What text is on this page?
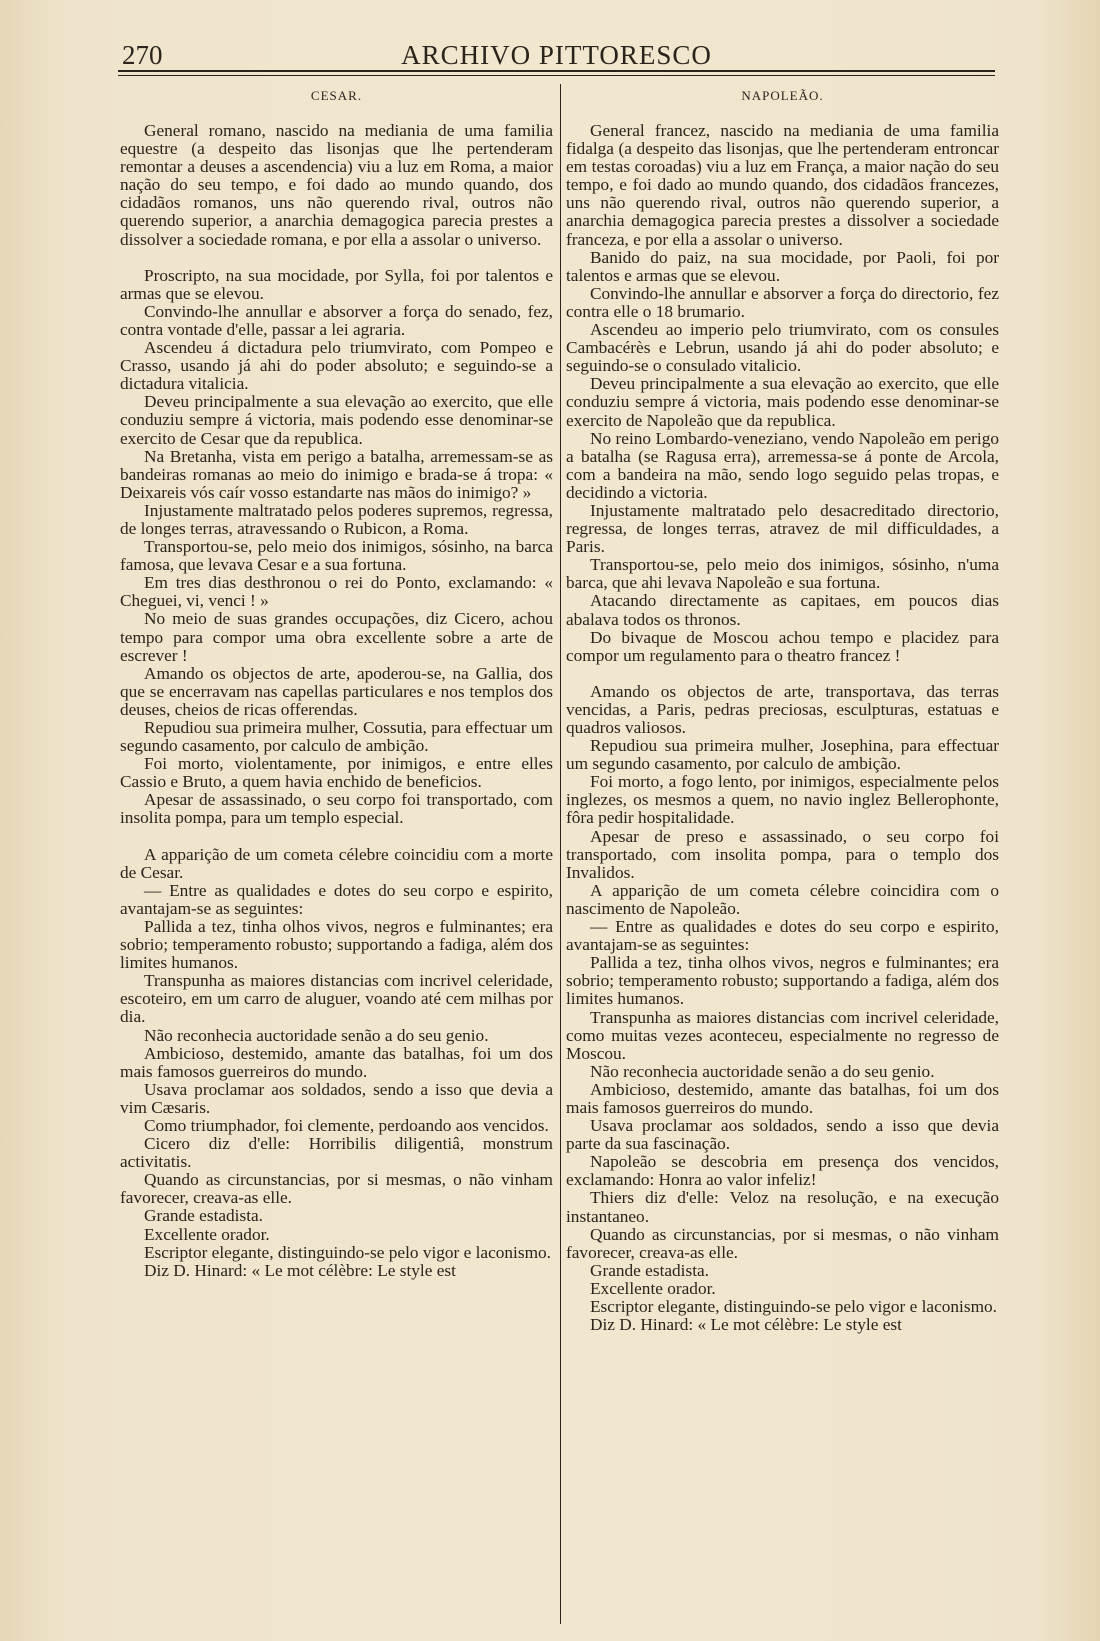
270	ARCHIVO PITTORESCO
CESAR.

General romano, nascido na mediania de uma familia equestre (a despeito das lisonjas que lhe pertenderam remontar a deuses a ascendencia) viu a luz em Roma, a maior nação do seu tempo, e foi dado ao mundo quando, dos cidadãos romanos, uns não querendo rival, outros não querendo superior, a anarchia demagogica parecia prestes a dissolver a sociedade romana, e por ella a assolar o universo.

Proscripto, na sua mocidade, por Sylla, foi por talentos e armas que se elevou.

Convindo-lhe annullar e absorver a força do senado, fez, contra vontade d'elle, passar a lei agraria.

Ascendeu á dictadura pelo triumvirato, com Pompeo e Crasso, usando já ahi do poder absoluto; e seguindo-se a dictadura vitalicia.

Deveu principalmente a sua elevação ao exercito, que elle conduziu sempre á victoria, mais podendo esse denominar-se exercito de Cesar que da republica.

Na Bretanha, vista em perigo a batalha, arremessam-se as bandeiras romanas ao meio do inimigo e brada-se á tropa: « Deixareis vós caír vosso estandarte nas mãos do inimigo? »

Injustamente maltratado pelos poderes supremos, regressa, de longes terras, atravessando o Rubicon, a Roma.

Transportou-se, pelo meio dos inimigos, sósinho, na barca famosa, que levava Cesar e a sua fortuna.

Em tres dias desthronou o rei do Ponto, exclamando: « Cheguei, vi, venci ! »

No meio de suas grandes occupações, diz Cicero, achou tempo para compor uma obra excellente sobre a arte de escrever !

Amando os objectos de arte, apoderou-se, na Gallia, dos que se encerravam nas capellas particulares e nos templos dos deuses, cheios de ricas offerendas.

Repudiou sua primeira mulher, Cossutia, para effectuar um segundo casamento, por calculo de ambição.

Foi morto, violentamente, por inimigos, e entre elles Cassio e Bruto, a quem havia enchido de beneficios.

Apesar de assassinado, o seu corpo foi transportado, com insolita pompa, para um templo especial.

A apparição de um cometa célebre coincidiu com a morte de Cesar.

— Entre as qualidades e dotes do seu corpo e espirito, avantajam-se as seguintes:

Pallida a tez, tinha olhos vivos, negros e fulminantes; era sobrio; temperamento robusto; supportando a fadiga, além dos limites humanos.

Transpunha as maiores distancias com incrivel celeridade, escoteiro, em um carro de aluguer, voando até cem milhas por dia.

Não reconhecia auctoridade senão a do seu genio.

Ambicioso, destemido, amante das batalhas, foi um dos mais famosos guerreiros do mundo.

Usava proclamar aos soldados, sendo a isso que devia a vim Cæsaris.

Como triumphador, foi clemente, perdoando aos vencidos.

Cicero diz d'elle: Horribilis diligentiâ, monstrum activitatis.

Quando as circunstancias, por si mesmas, o não vinham favorecer, creava-as elle.

Grande estadista.

Excellente orador.

Escriptor elegante, distinguindo-se pelo vigor e laconismo.

Diz D. Hinard: « Le mot célèbre: Le style est

NAPOLEÃO.

General francez, nascido na mediania de uma familia fidalga (a despeito das lisonjas, que lhe pertenderam entroncar em testas coroadas) viu a luz em França, a maior nação do seu tempo, e foi dado ao mundo quando, dos cidadãos francezes, uns não querendo rival, outros não querendo superior, a anarchia demagogica parecia prestes a dissolver a sociedade franceza, e por ella a assolar o universo.

Banido do paiz, na sua mocidade, por Paoli, foi por talentos e armas que se elevou.

Convindo-lhe annullar e absorver a força do directorio, fez contra elle o 18 brumario.

Ascendeu ao imperio pelo triumvirato, com os consules Cambacérès e Lebrun, usando já ahi do poder absoluto; e seguindo-se o consulado vitalicio.

Deveu principalmente a sua elevação ao exercito, que elle conduziu sempre á victoria, mais podendo esse denominar-se exercito de Napoleão que da republica.

No reino Lombardo-veneziano, vendo Napoleão em perigo a batalha (se Ragusa erra), arremessa-se á ponte de Arcola, com a bandeira na mão, sendo logo seguido pelas tropas, e decidindo a victoria.

Injustamente maltratado pelo desacreditado directorio, regressa, de longes terras, atravez de mil difficuldades, a Paris.

Transportou-se, pelo meio dos inimigos, sósinho, n'uma barca, que ahi levava Napoleão e sua fortuna.

Atacando directamente as capitaes, em poucos dias abalava todos os thronos.

Do bivaque de Moscou achou tempo e placidez para compor um regulamento para o theatro francez !

Amando os objectos de arte, transportava, das terras vencidas, a Paris, pedras preciosas, esculpturas, estatuas e quadros valiosos.

Repudiou sua primeira mulher, Josephina, para effectuar um segundo casamento, por calculo de ambição.

Foi morto, a fogo lento, por inimigos, especialmente pelos inglezes, os mesmos a quem, no navio inglez Bellerophonte, fôra pedir hospitalidade.

Apesar de preso e assassinado, o seu corpo foi transportado, com insolita pompa, para o templo dos Invalidos.

A apparição de um cometa célebre coincidira com o nascimento de Napoleão.

— Entre as qualidades e dotes do seu corpo e espirito, avantajam-se as seguintes:

Pallida a tez, tinha olhos vivos, negros e fulminantes; era sobrio; temperamento robusto; supportando a fadiga, além dos limites humanos.

Transpunha as maiores distancias com incrivel celeridade, como muitas vezes aconteceu, especialmente no regresso de Moscou.

Não reconhecia auctoridade senão a do seu genio.

Ambicioso, destemido, amante das batalhas, foi um dos mais famosos guerreiros do mundo.

Usava proclamar aos soldados, sendo a isso que devia parte da sua fascinação.

Napoleão se descobria em presença dos vencidos, exclamando: Honra ao valor infeliz!

Thiers diz d'elle: Veloz na resolução, e na execução instantaneo.

Quando as circunstancias, por si mesmas, o não vinham favorecer, creava-as elle.

Grande estadista.

Excellente orador.

Escriptor elegante, distinguindo-se pelo vigor e laconismo.

Diz D. Hinard: « Le mot célèbre: Le style est
